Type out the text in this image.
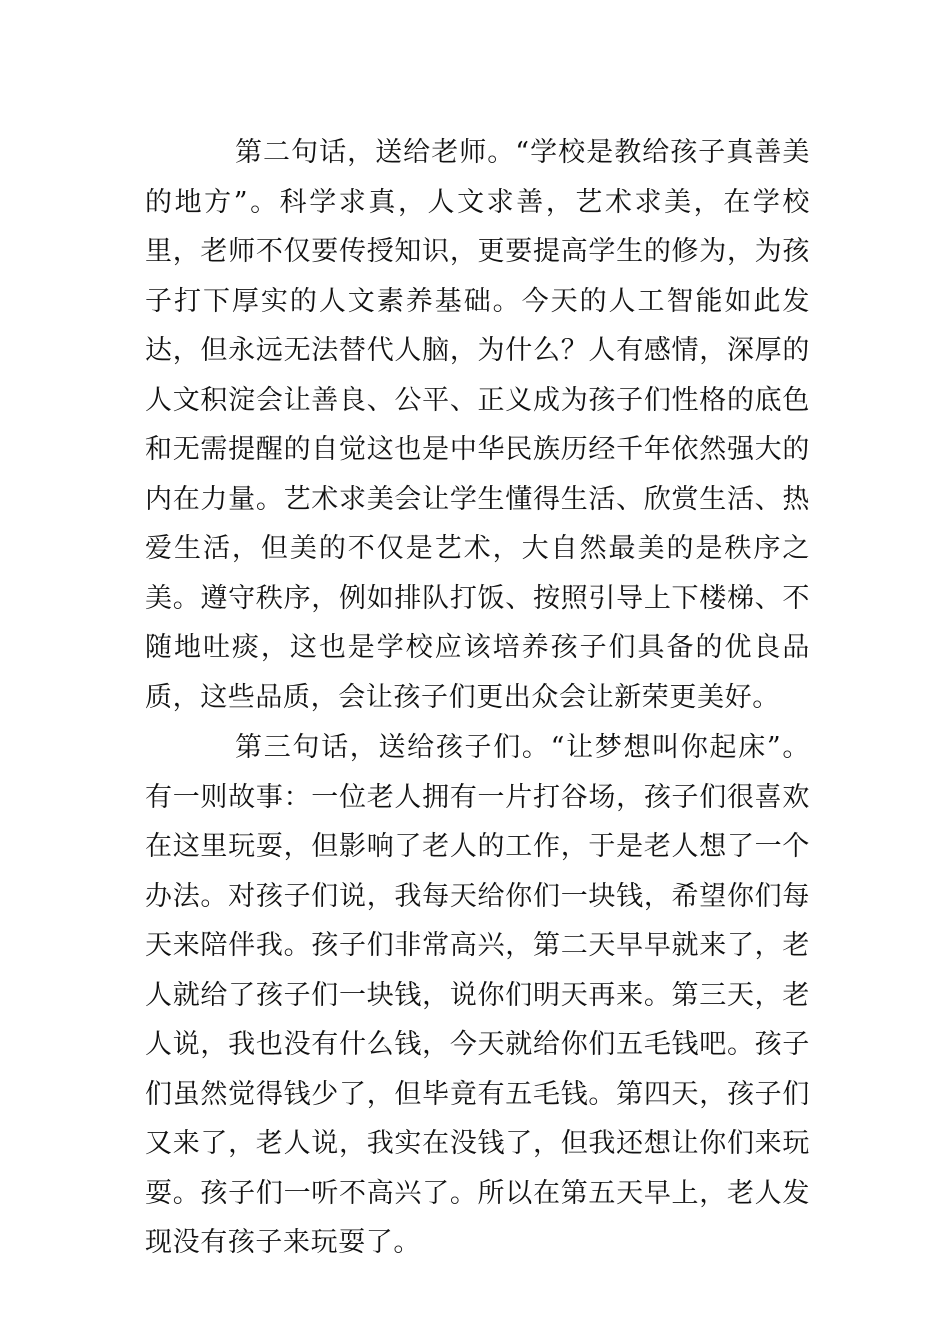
第二句话，送给老师。“学校是教给孩子真善美的地方”。科学求真，人文求善，艺术求美，在学校里，老师不仅要传授知识，更要提高学生的修为，为孩子打下厚实的人文素养基础。今天的人工智能如此发达，但永远无法替代人脑，为什么？人有感情，深厚的人文积淀会让善良、公平、正义成为孩子们性格的底色和无需提醒的自觉这也是中华民族历经千年依然强大的内在力量。艺术求美会让学生懂得生活、欣赏生活、热爱生活，但美的不仅是艺术，大自然最美的是秩序之美。遵守秩序，例如排队打饭、按照引导上下楼梯、不随地吐痰，这也是学校应该培养孩子们具备的优良品质，这些品质，会让孩子们更出众会让新荣更美好。

第三句话，送给孩子们。“让梦想叫你起床”。有一则故事：一位老人拥有一片打谷场，孩子们很喜欢在这里玩耍，但影响了老人的工作，于是老人想了一个办法。对孩子们说，我每天给你们一块钱，希望你们每天来陪伴我。孩子们非常高兴，第二天早早就来了，老人就给了孩子们一块钱，说你们明天再来。第三天，老人说，我也没有什么钱，今天就给你们五毛钱吧。孩子们虽然觉得钱少了，但毕竟有五毛钱。第四天，孩子们又来了，老人说，我实在没钱了，但我还想让你们来玩耍。孩子们一听不高兴了。所以在第五天早上，老人发现没有孩子来玩耍了。
